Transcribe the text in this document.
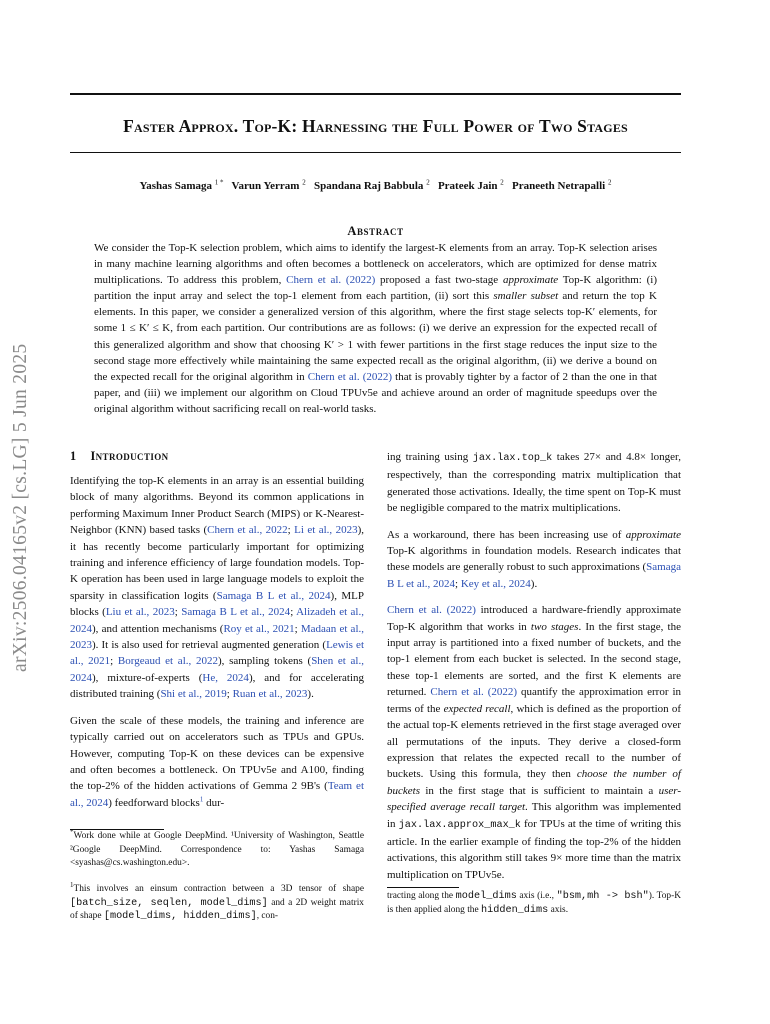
arXiv:2506.04165v2 [cs.LG] 5 Jun 2025
Faster Approx. Top-K: Harnessing the Full Power of Two Stages
Yashas Samaga $^{1 *}$ Varun Yerram $^2$ Spandana Raj Babbula $^2$ Prateek Jain $^2$ Praneeth Netrapalli $^2$
Abstract
We consider the Top-K selection problem, which aims to identify the largest-K elements from an array. Top-K selection arises in many machine learning algorithms and often becomes a bottleneck on accelerators, which are optimized for dense matrix multiplications. To address this problem, Chern et al. (2022) proposed a fast two-stage approximate Top-K algorithm: (i) partition the input array and select the top-1 element from each partition, (ii) sort this smaller subset and return the top K elements. In this paper, we consider a generalized version of this algorithm, where the first stage selects top-K′ elements, for some 1 ≤ K′ ≤ K, from each partition. Our contributions are as follows: (i) we derive an expression for the expected recall of this generalized algorithm and show that choosing K′ > 1 with fewer partitions in the first stage reduces the input size to the second stage more effectively while maintaining the same expected recall as the original algorithm, (ii) we derive a bound on the expected recall for the original algorithm in Chern et al. (2022) that is provably tighter by a factor of 2 than the one in that paper, and (iii) we implement our algorithm on Cloud TPUv5e and achieve around an order of magnitude speedups over the original algorithm without sacrificing recall on real-world tasks.
1 Introduction

Identifying the top-K elements in an array is an essential building block of many algorithms. Beyond its common applications in performing Maximum Inner Product Search (MIPS) or K-Nearest-Neighbor (KNN) based tasks (Chern et al., 2022; Li et al., 2023), it has recently become particularly important for optimizing training and inference efficiency of large foundation models. Top-K operation has been used in large language models to exploit the sparsity in classification logits (Samaga B L et al., 2024), MLP blocks (Liu et al., 2023; Samaga B L et al., 2024; Alizadeh et al., 2024), and attention mechanisms (Roy et al., 2021; Madaan et al., 2023). It is also used for retrieval augmented generation (Lewis et al., 2021; Borgeaud et al., 2022), sampling tokens (Shen et al., 2024), mixture-of-experts (He, 2024), and for accelerating distributed training (Shi et al., 2019; Ruan et al., 2023).

Given the scale of these models, the training and inference are typically carried out on accelerators such as TPUs and GPUs. However, computing Top-K on these devices can be expensive and often becomes a bottleneck. On TPUv5e and A100, finding the top-2% of the hidden activations of Gemma 2 9B's (Team et al., 2024) feedforward blocks$^1$ dur-

*Work done while at Google DeepMind. ¹University of Washington, Seattle ²Google DeepMind. Correspondence to: Yashas Samaga <syashas@cs.washington.edu>.
$^1$This involves an einsum contraction between a 3D tensor of shape [batch_size, seqlen, model_dims] and a 2D weight matrix of shape [model_dims, hidden_dims], con-

ing training using jax.lax.top_k takes 27× and 4.8× longer, respectively, than the corresponding matrix multiplication that generated those activations. Ideally, the time spent on Top-K must be negligible compared to the matrix multiplications.

As a workaround, there has been increasing use of approximate Top-K algorithms in foundation models. Research indicates that these models are generally robust to such approximations (Samaga B L et al., 2024; Key et al., 2024).

Chern et al. (2022) introduced a hardware-friendly approximate Top-K algorithm that works in two stages. In the first stage, the input array is partitioned into a fixed number of buckets, and the top-1 element from each bucket is selected. In the second stage, these top-1 elements are sorted, and the first K elements are returned. Chern et al. (2022) quantify the approximation error in terms of the expected recall, which is defined as the proportion of the actual top-K elements retrieved in the first stage averaged over all permutations of the inputs. They derive a closed-form expression that relates the expected recall to the number of buckets. Using this formula, they then choose the number of buckets in the first stage that is sufficient to maintain a user-specified average recall target. This algorithm was implemented in jax.lax.approx_max_k for TPUs at the time of writing this article. In the earlier example of finding the top-2% of the hidden activations, this algorithm still takes 9× more time than the matrix multiplication on TPUv5e.

tracting along the model_dims axis (i.e., "bsm,mh -> bsh"). Top-K is then applied along the hidden_dims axis.
